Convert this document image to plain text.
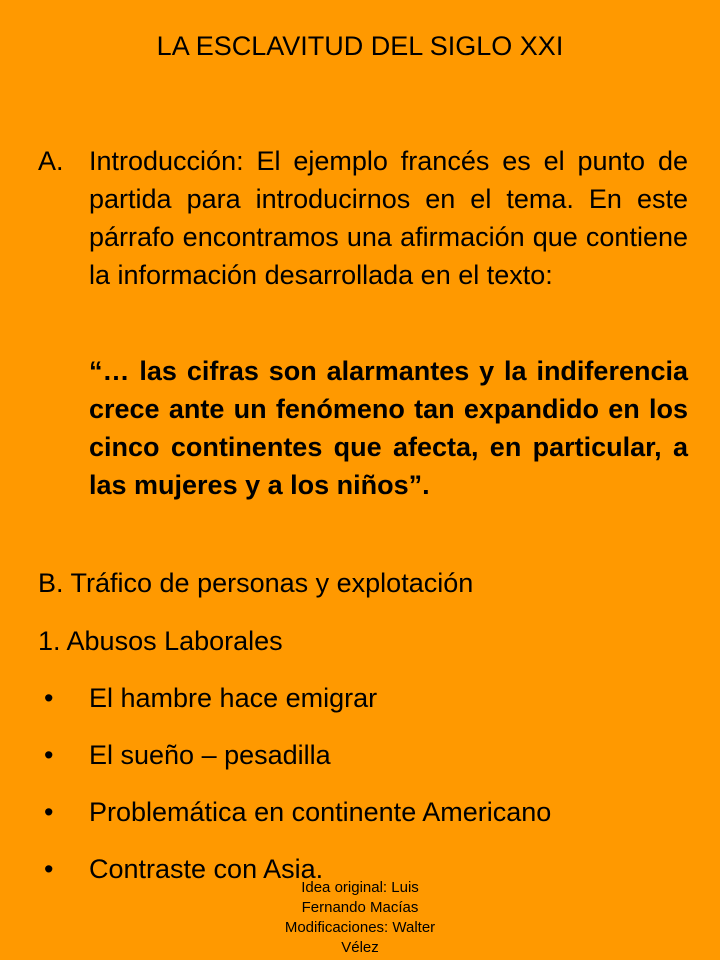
LA ESCLAVITUD DEL SIGLO XXI
A. Introducción: El ejemplo francés es el punto de partida para introducirnos en el tema. En este párrafo encontramos una afirmación que contiene la información desarrollada en el texto:
“… las cifras son alarmantes y la indiferencia crece ante un fenómeno tan expandido en los cinco continentes que afecta, en particular, a las mujeres y a los niños”.
B. Tráfico de personas y explotación
1. Abusos Laborales
• El hambre hace emigrar
• El sueño – pesadilla
• Problemática en continente Americano
• Contraste con Asia.
Idea original: Luis
Fernando Macías
Modificaciones: Walter
Vélez
